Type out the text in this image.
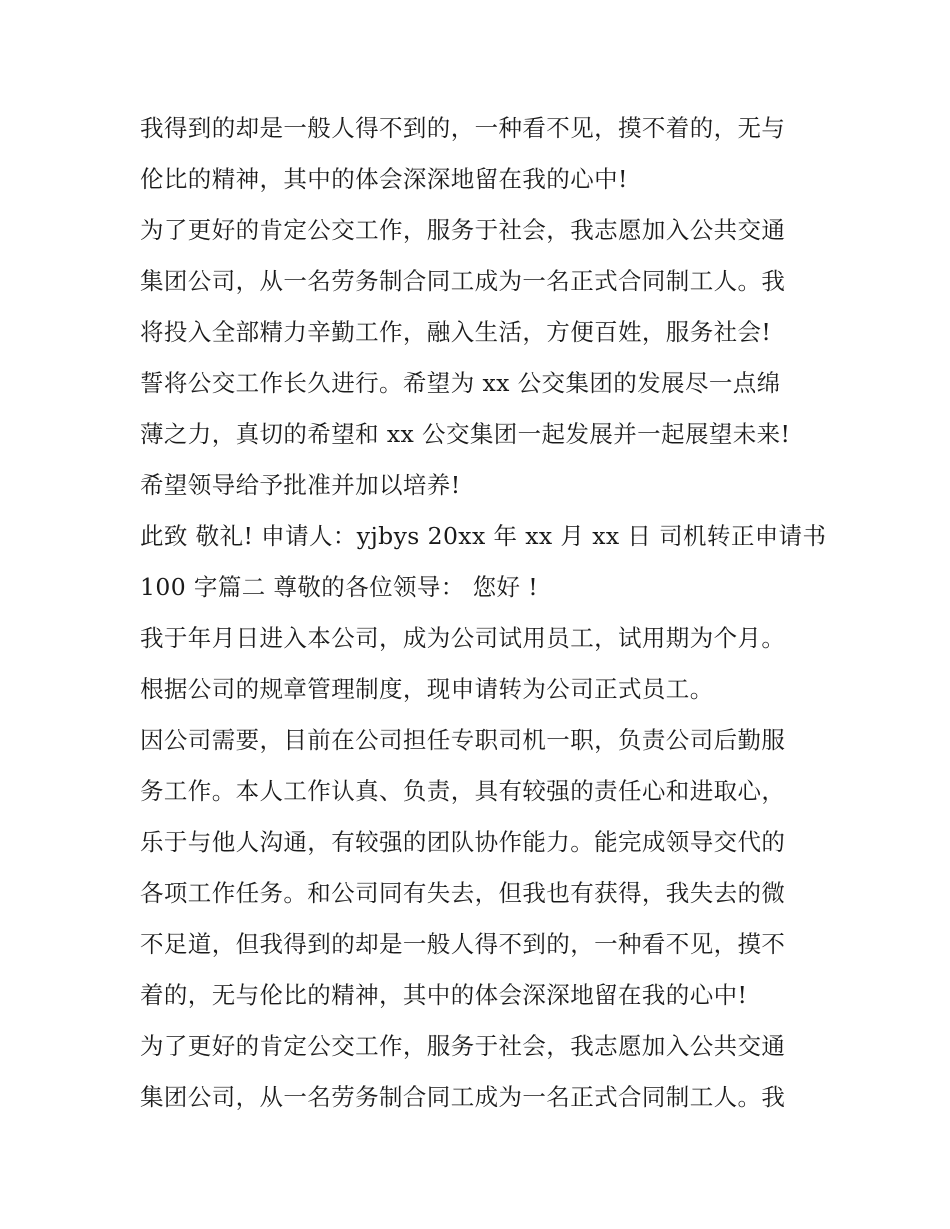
我得到的却是一般人得不到的，一种看不见，摸不着的，无与
伦比的精神，其中的体会深深地留在我的心中!
为了更好的肯定公交工作，服务于社会，我志愿加入公共交通
集团公司，从一名劳务制合同工成为一名正式合同制工人。我
将投入全部精力辛勤工作，融入生活，方便百姓，服务社会!
誓将公交工作长久进行。希望为 xx 公交集团的发展尽一点绵
薄之力，真切的希望和 xx 公交集团一起发展并一起展望未来!
希望领导给予批准并加以培养!
此致 敬礼! 申请人：yjbys 20xx 年 xx 月 xx 日 司机转正申请书
100 字篇二 尊敬的各位领导： 您好 !
我于年月日进入本公司，成为公司试用员工，试用期为个月。
根据公司的规章管理制度，现申请转为公司正式员工。
因公司需要，目前在公司担任专职司机一职，负责公司后勤服
务工作。本人工作认真、负责，具有较强的责任心和进取心，
乐于与他人沟通，有较强的团队协作能力。能完成领导交代的
各项工作任务。和公司同有失去，但我也有获得，我失去的微
不足道，但我得到的却是一般人得不到的，一种看不见，摸不
着的，无与伦比的精神，其中的体会深深地留在我的心中!
为了更好的肯定公交工作，服务于社会，我志愿加入公共交通
集团公司，从一名劳务制合同工成为一名正式合同制工人。我
